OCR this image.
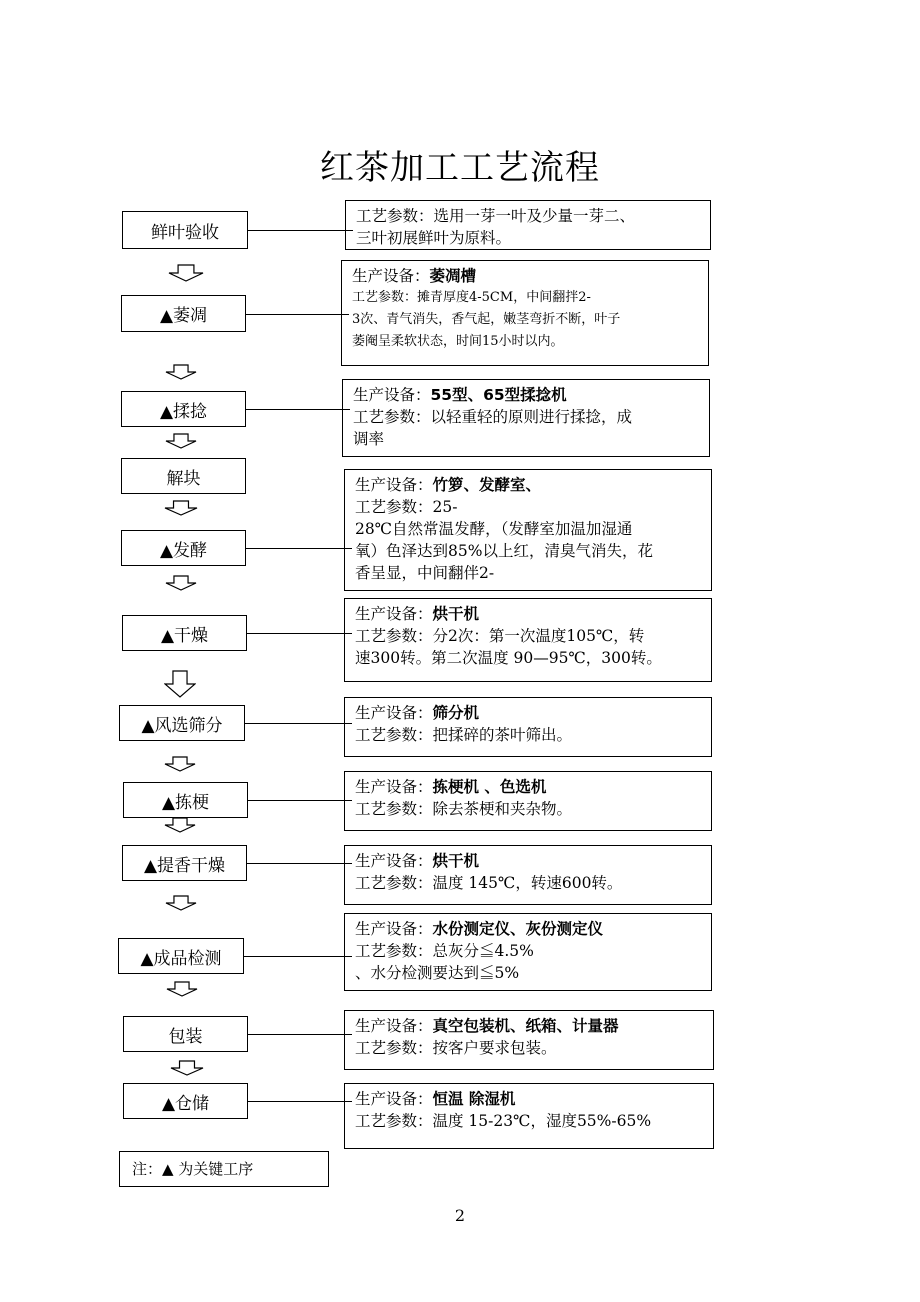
红茶加工工艺流程
鲜叶验收
工艺参数：选用一芽一叶及少量一芽二、
三叶初展鲜叶为原料。
▲萎凋
生产设备：萎凋槽
工艺参数：摊青厚度4-5CM，中间翻拌2-
3次、青气消失，香气起，嫩茎弯折不断，叶子
萎阉呈柔软状态，时间15小时以内。
▲揉捻
生产设备：55型、65型揉捻机
工艺参数：以轻重轻的原则进行揉捻，成
调率
解块
▲发酵
生产设备：竹箩、发酵室、
工艺参数：25-
28℃自然常温发酵，（发酵室加温加湿通
氧）色泽达到85%以上红，清臭气消失，花
香呈显，中间翻伴2-
▲干燥
生产设备：烘干机
工艺参数：分2次：第一次温度105℃，转
速300转。第二次温度 90—95℃，300转。
▲风选筛分
生产设备：筛分机
工艺参数：把揉碎的茶叶筛出。
▲拣梗
生产设备：拣梗机 、色选机
工艺参数：除去茶梗和夹杂物。
▲提香干燥	生产设备：烘干机
工艺参数：温度 145℃，转速600转。
▲成品检测
生产设备：水份测定仪、灰份测定仪
工艺参数：总灰分≦4.5%
、水分检测要达到≦5%
包装
生产设备：真空包装机、纸箱、计量器
工艺参数：按客户要求包装。
▲仓储	生产设备：恒温 除湿机
工艺参数：温度 15-23℃，湿度55%-65%
注：▲ 为关键工序
2
